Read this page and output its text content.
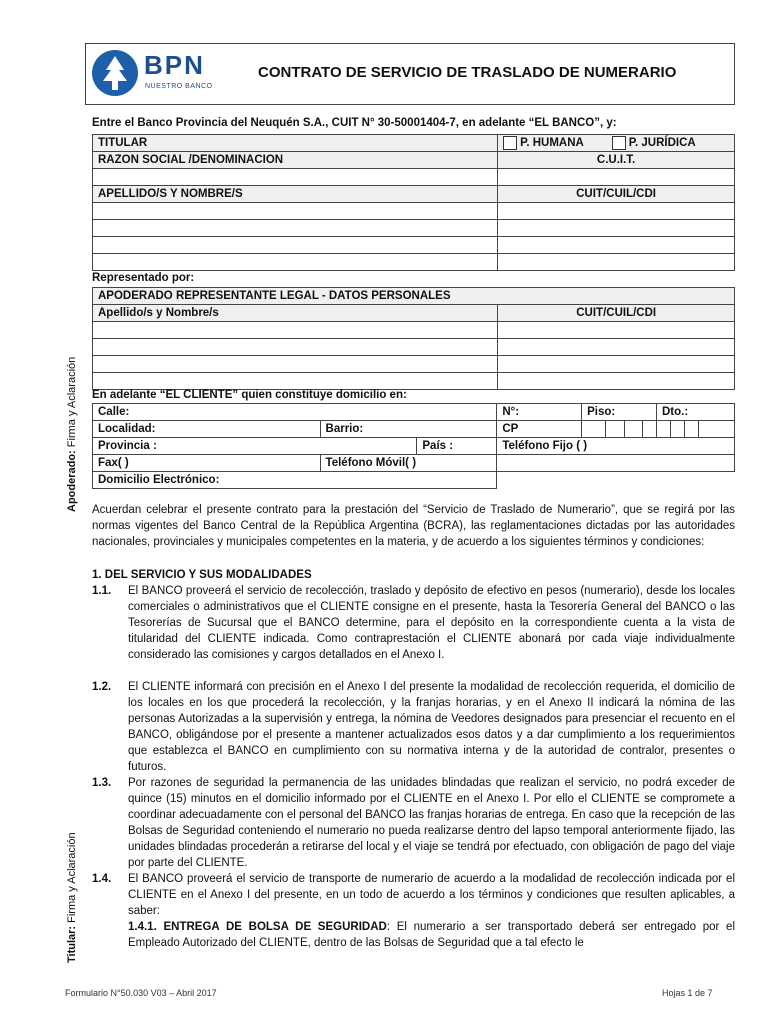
BPN
NUESTRO BANCO
CONTRATO DE SERVICIO DE TRASLADO DE NUMERARIO
Entre el Banco Provincia del Neuquén S.A., CUIT N° 30-50001404-7, en adelante “EL BANCO”, y:
TITULAR	P. HUMANA P. JURÍDICA
RAZON SOCIAL /DENOMINACION	C.U.I.T.

APELLIDO/S Y NOMBRE/S	CUIT/CUIL/CDI

Representado por:
APODERADO REPRESENTANTE LEGAL - DATOS PERSONALES	
Apellido/s y Nombre/s	CUIT/CUIL/CDI

En adelante “EL CLIENTE” quien constituye domicilio en:
Calle:			N°:	Piso:				Dto.:			
Localidad:	Barrio:		CP								
Provincia :		País :	Teléfono Fijo ( )								
Fax( )	Teléfono Móvil( )										
Domicilio Electrónico:											
Acuerdan celebrar el presente contrato para la prestación del “Servicio de Traslado de Numerario”, que se regirá por las normas vigentes del Banco Central de la República Argentina (BCRA), las reglamentaciones dictadas por las autoridades nacionales, provinciales y municipales competentes en la materia, y de acuerdo a los siguientes términos y condiciones:
1. DEL SERVICIO Y SUS MODALIDADES
1.1. El BANCO proveerá el servicio de recolección, traslado y depósito de efectivo en pesos (numerario), desde los locales comerciales o administrativos que el CLIENTE consigne en el presente, hasta la Tesorería General del BANCO o las Tesorerías de Sucursal que el BANCO determine, para el depósito en la correspondiente cuenta a la vista de titularidad del CLIENTE indicada. Como contraprestación el CLIENTE abonará por cada viaje individualmente considerado las comisiones y cargos detallados en el Anexo I.
1.2. El CLIENTE informará con precisión en el Anexo I del presente la modalidad de recolección requerida, el domicilio de los locales en los que procederá la recolección, y la franjas horarias, y en el Anexo II indicará la nómina de las personas Autorizadas a la supervisión y entrega, la nómina de Veedores designados para presenciar el recuento en el BANCO, obligándose por el presente a mantener actualizados esos datos y a dar cumplimiento a los requerimientos que establezca el BANCO en cumplimiento con su normativa interna y de la autoridad de contralor, presentes o futuros.
1.3. Por razones de seguridad la permanencia de las unidades blindadas que realizan el servicio, no podrá exceder de quince (15) minutos en el domicilio informado por el CLIENTE en el Anexo I. Por ello el CLIENTE se compromete a coordinar adecuadamente con el personal del BANCO las franjas horarias de entrega. En caso que la recepción de las Bolsas de Seguridad conteniendo el numerario no pueda realizarse dentro del lapso temporal anteriormente fijado, las unidades blindadas procederán a retirarse del local y el viaje se tendrá por efectuado, con obligación de pago del viaje por parte del CLIENTE.
1.4. El BANCO proveerá el servicio de transporte de numerario de acuerdo a la modalidad de recolección indicada por el CLIENTE en el Anexo I del presente, en un todo de acuerdo a los términos y condiciones que resulten aplicables, a saber:
1.4.1. ENTREGA DE BOLSA DE SEGURIDAD: El numerario a ser transportado deberá ser entregado por el Empleado Autorizado del CLIENTE, dentro de las Bolsas de Seguridad que a tal efecto le
Apoderado: Firma y Aclaración
Titular: Firma y Aclaración
Formulario N°50.030 V03 – Abril 2017	Hojas 1 de 7
